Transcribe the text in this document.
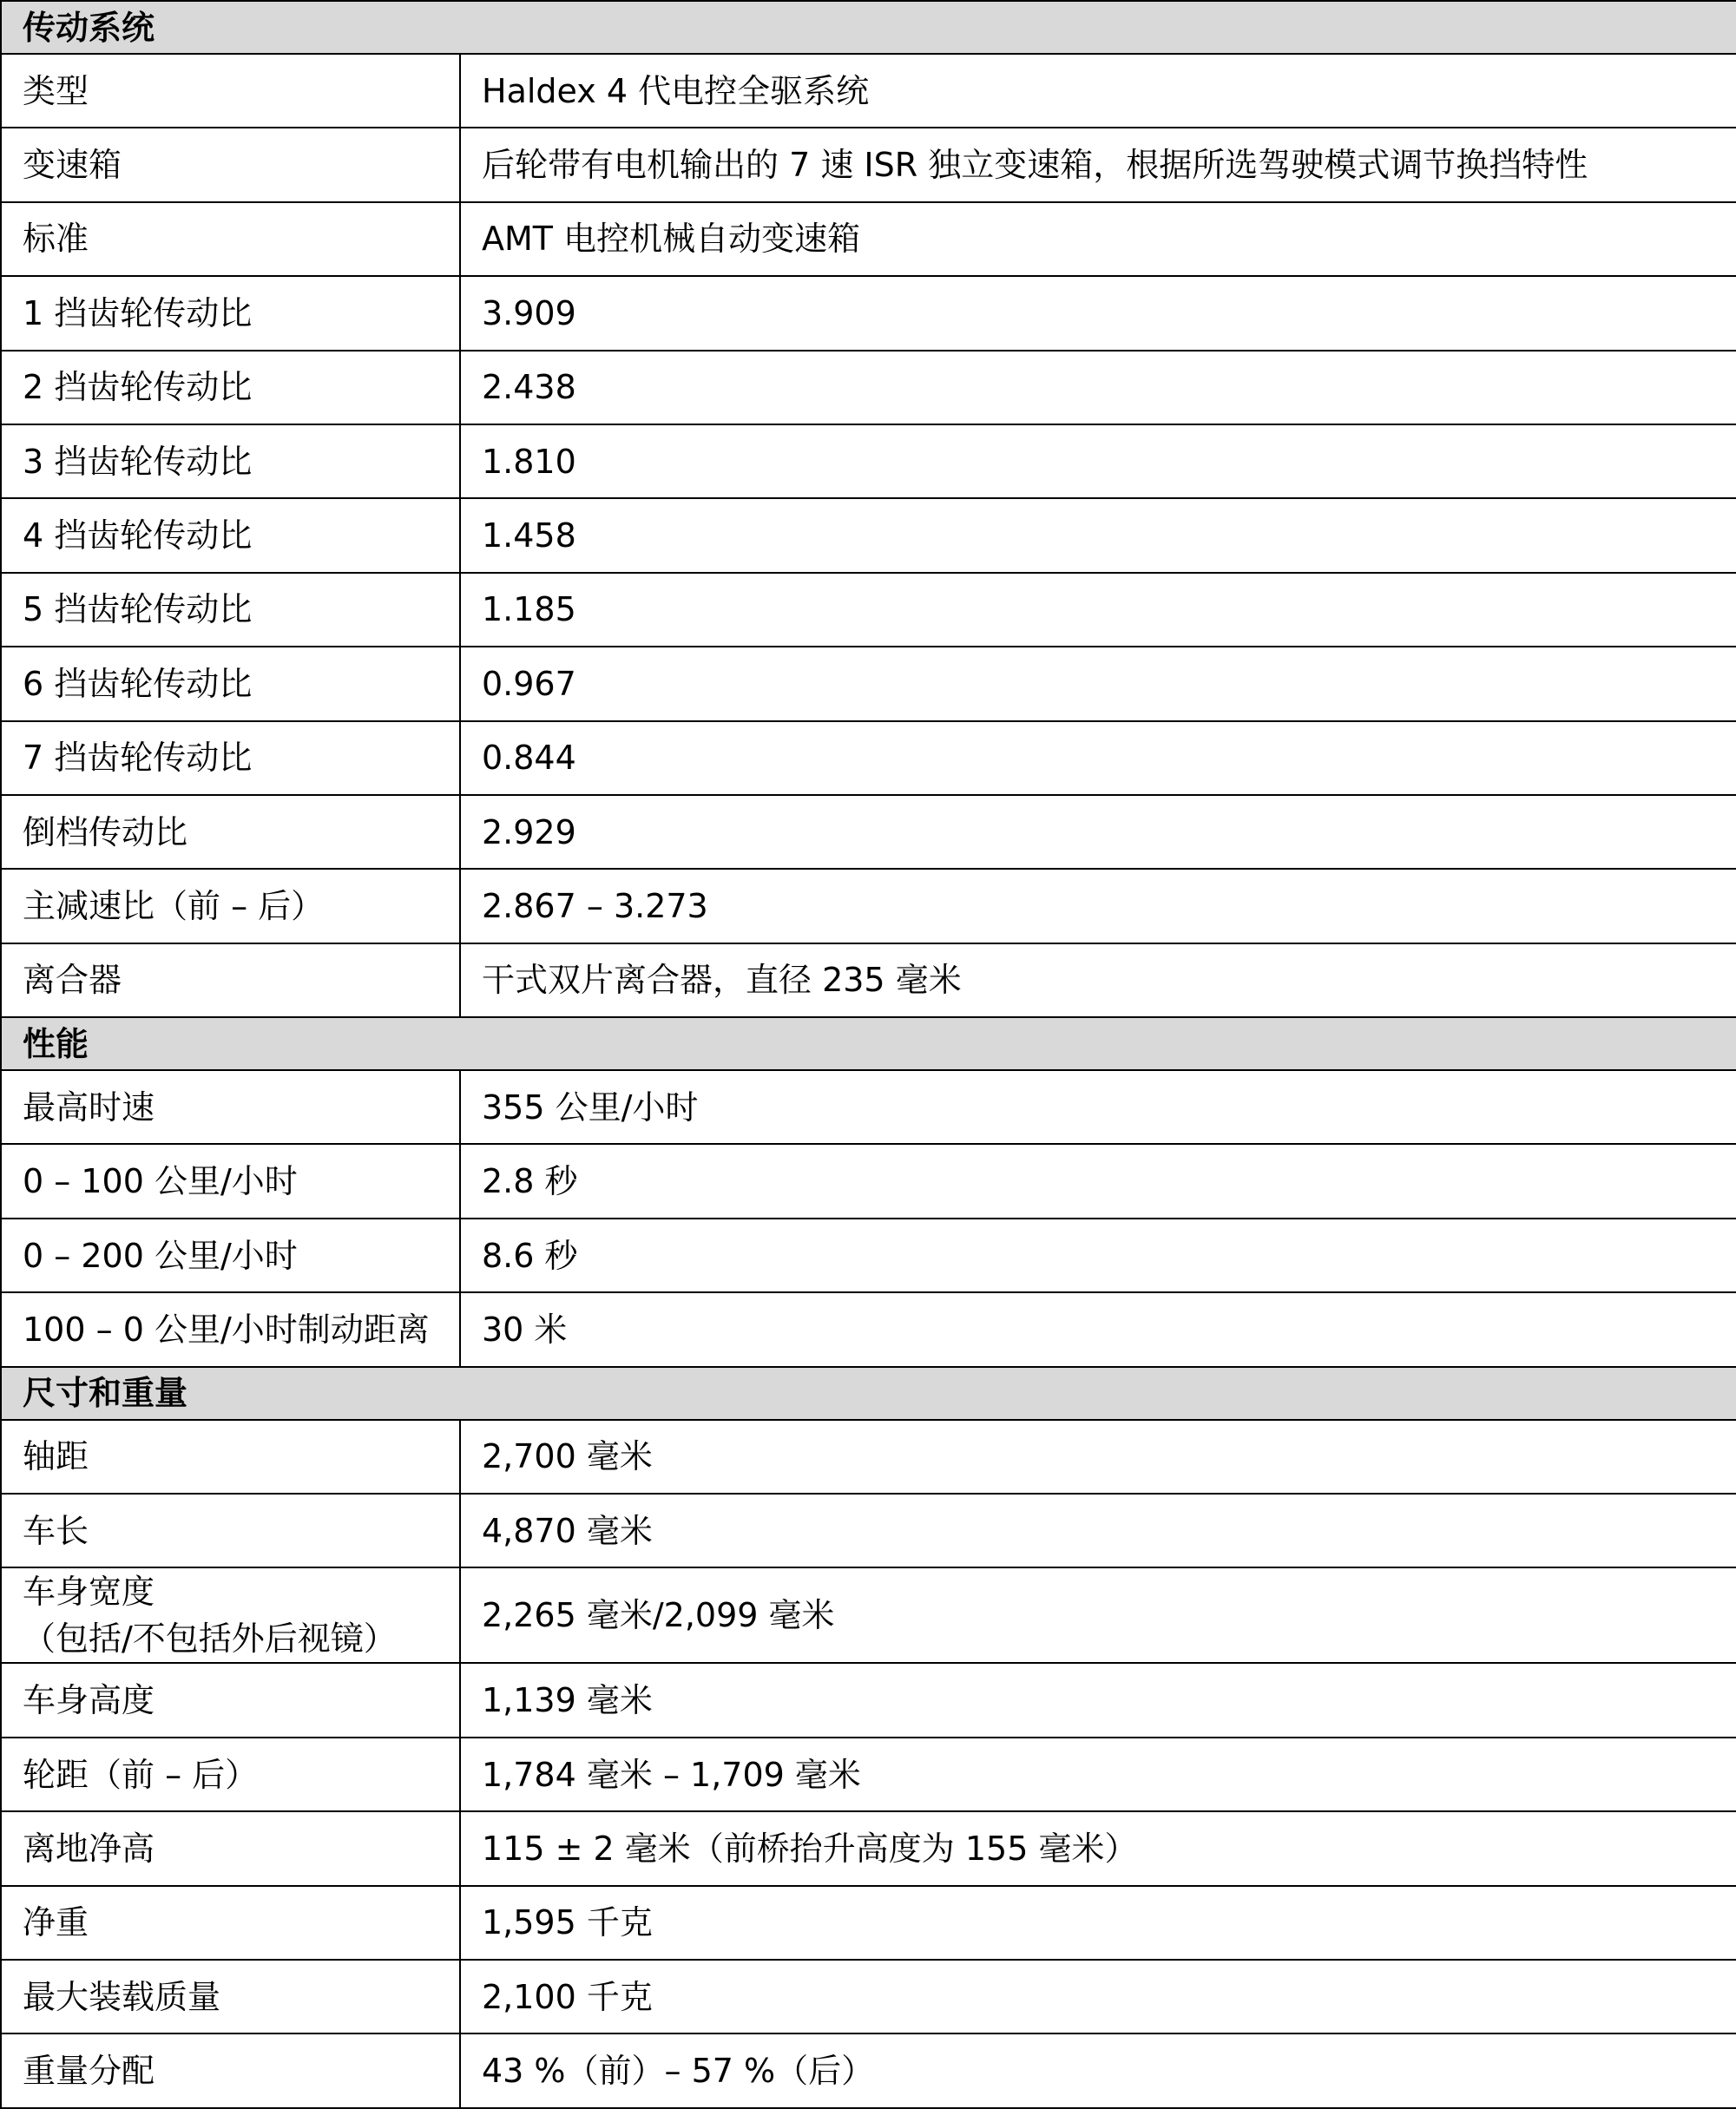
传动系统	

类型	Haldex 4 代电控全驱系统

变速箱	后轮带有电机输出的 7 速 ISR 独立变速箱，根据所选驾驶模式调节换挡特性

标准	AMT 电控机械自动变速箱

1 挡齿轮传动比	3.909

2 挡齿轮传动比	2.438

3 挡齿轮传动比	1.810

4 挡齿轮传动比	1.458

5 挡齿轮传动比	1.185

6 挡齿轮传动比	0.967

7 挡齿轮传动比	0.844

倒档传动比	2.929

主减速比（前 – 后）	2.867 – 3.273

离合器	干式双片离合器，直径 235 毫米
性能	

最高时速	355 公里/小时

0 – 100 公里/小时	2.8 秒

0 – 200 公里/小时	8.6 秒

100 – 0 公里/小时制动距离	30 米
尺寸和重量	

轴距	2,700 毫米

车长	4,870 毫米

车身宽度
（包括/不包括外后视镜）	2,265 毫米/2,099 毫米

车身高度	1,139 毫米

轮距（前 – 后）	1,784 毫米 – 1,709 毫米

离地净高	115 ± 2 毫米（前桥抬升高度为 155 毫米）

净重	1,595 千克

最大装载质量	2,100 千克

重量分配	43 %（前）– 57 %（后）
